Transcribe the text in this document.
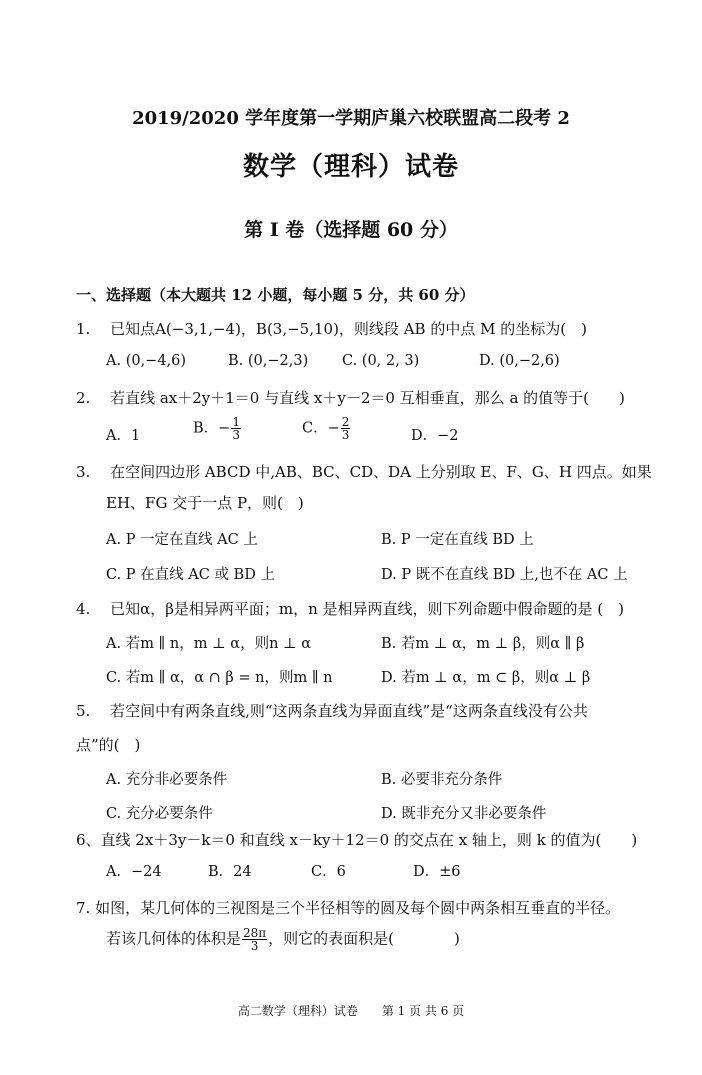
2019/2020 学年度第一学期庐巢六校联盟高二段考 2
数学（理科）试卷
第 I 卷（选择题 60 分）
一、选择题（本大题共 12 小题，每小题 5 分，共 60 分）
1.　 已知点A(−3,1,−4)，B(3,−5,10)，则线段 AB 的中点 M 的坐标为(　)
A. (0,−4,6)	B. (0,−2,3) C. (0, 2, 3)	D. (0,−2,6)
2.　 若直线 ax＋2y＋1＝0 与直线 x＋y－2＝0 互相垂直，那么 a 的值等于(　　)
A．1	B．− $\frac{1}{3}$	C．− $\frac{2}{3}$	D．−2
3.　 在空间四边形 ABCD 中,AB、BC、CD、DA 上分别取 E、F、G、H 四点。如果
EH、FG 交于一点 P，则(　)
A. P 一定在直线 AC 上	B. P 一定在直线 BD 上
C. P 在直线 AC 或 BD 上	D. P 既不在直线 BD 上,也不在 AC 上
4.　 已知α，β是相异两平面；m，n 是相异两直线，则下列命题中假命题的是 (　)
A. 若m ∥ n，m ⊥ α，则n ⊥ α	B. 若m ⊥ α，m ⊥ β，则α ∥ β
C. 若m ∥ α，α ∩ β = n，则m ∥ n	D. 若m ⊥ α，m ⊂ β，则α ⊥ β
5.　 若空间中有两条直线,则“这两条直线为异面直线”是“这两条直线没有公共
点”的(　)
A. 充分非必要条件	B. 必要非充分条件
C. 充分必要条件	D. 既非充分又非必要条件
6、直线 2x＋3y－k＝0 和直线 x－ky＋12＝0 的交点在 x 轴上，则 k 的值为(　　)
A．−24	B．24	C．6	D．±6
7. 如图，某几何体的三视图是三个半径相等的圆及每个圆中两条相互垂直的半径。
若该几何体的体积是 $\frac{28\pi}{3}$ ，则它的表面积是(　　　　)
高二数学（理科）试卷　　第 1 页 共 6 页
